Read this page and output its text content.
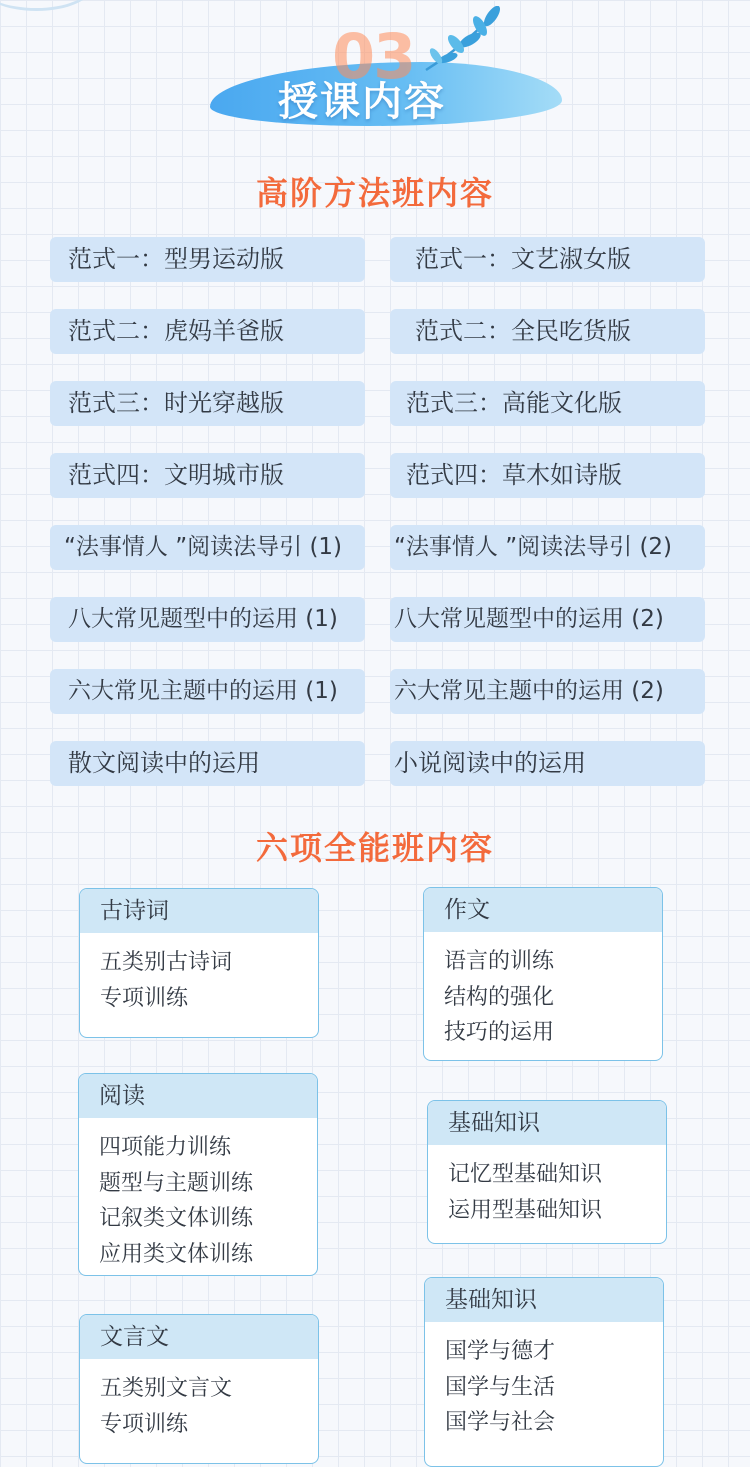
03
授课内容
高阶方法班内容
范式一：型男运动版	范式一：文艺淑女版
范式二：虎妈羊爸版	范式二：全民吃货版
范式三：时光穿越版	范式三：高能文化版
范式四：文明城市版	范式四：草木如诗版
“法事情人 ”阅读法导引 (1)	“法事情人 ”阅读法导引 (2)
八大常见题型中的运用 (1)	八大常见题型中的运用 (2)
六大常见主题中的运用 (1)	六大常见主题中的运用 (2)
散文阅读中的运用	小说阅读中的运用
六项全能班内容
古诗词
五类别古诗词
专项训练
作文
语言的训练
结构的强化
技巧的运用
阅读
四项能力训练
题型与主题训练
记叙类文体训练
应用类文体训练
基础知识
记忆型基础知识
运用型基础知识
文言文
五类别文言文
专项训练
基础知识
国学与德才
国学与生活
国学与社会
